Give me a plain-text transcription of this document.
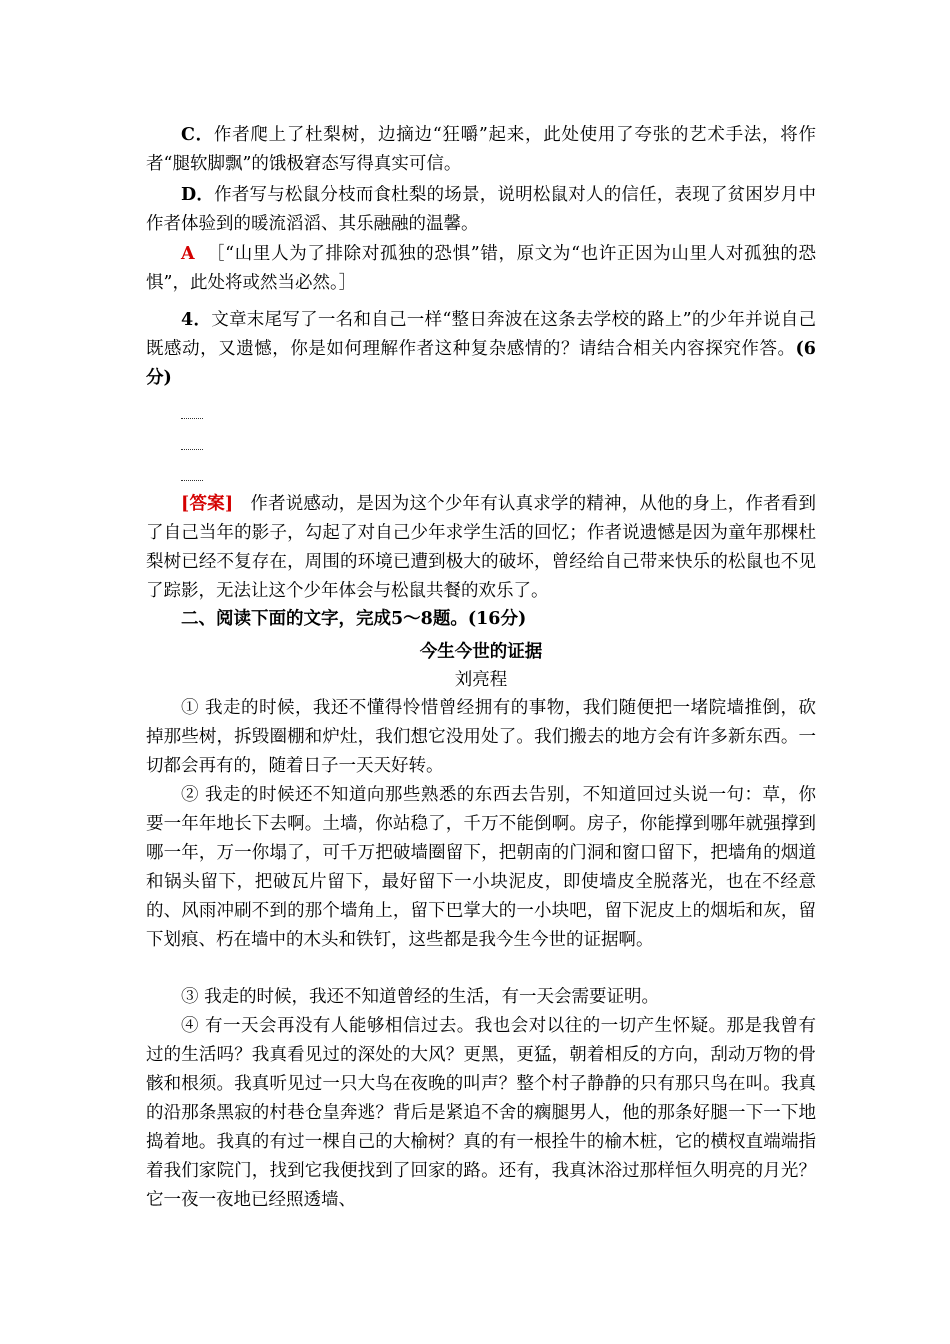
C．作者爬上了杜梨树，边摘边“狂嚼”起来，此处使用了夸张的艺术手法，将作者“腿软脚飘”的饿极窘态写得真实可信。

D．作者写与松鼠分枝而食杜梨的场景，说明松鼠对人的信任，表现了贫困岁月中作者体验到的暖流滔滔、其乐融融的温馨。

A ［“山里人为了排除对孤独的恐惧”错，原文为“也许正因为山里人对孤独的恐惧”，此处将或然当必然。］

4．文章末尾写了一名和自己一样“整日奔波在这条去学校的路上”的少年并说自己既感动，又遗憾，你是如何理解作者这种复杂感情的？请结合相关内容探究作答。(6分)

[答案] 作者说感动，是因为这个少年有认真求学的精神，从他的身上，作者看到了自己当年的影子，勾起了对自己少年求学生活的回忆；作者说遗憾是因为童年那棵杜梨树已经不复存在，周围的环境已遭到极大的破坏，曾经给自己带来快乐的松鼠也不见了踪影，无法让这个少年体会与松鼠共餐的欢乐了。

二、阅读下面的文字，完成5～8题。(16分)

今生今世的证据

刘亮程

① 我走的时候，我还不懂得怜惜曾经拥有的事物，我们随便把一堵院墙推倒，砍掉那些树，拆毁圈棚和炉灶，我们想它没用处了。我们搬去的地方会有许多新东西。一切都会再有的，随着日子一天天好转。

② 我走的时候还不知道向那些熟悉的东西去告别，不知道回过头说一句：草，你要一年年地长下去啊。土墙，你站稳了，千万不能倒啊。房子，你能撑到哪年就强撑到哪一年，万一你塌了，可千万把破墙圈留下，把朝南的门洞和窗口留下，把墙角的烟道和锅头留下，把破瓦片留下，最好留下一小块泥皮，即使墙皮全脱落光，也在不经意的、风雨冲刷不到的那个墙角上，留下巴掌大的一小块吧，留下泥皮上的烟垢和灰，留下划痕、朽在墙中的木头和铁钉，这些都是我今生今世的证据啊。

③ 我走的时候，我还不知道曾经的生活，有一天会需要证明。

④ 有一天会再没有人能够相信过去。我也会对以往的一切产生怀疑。那是我曾有过的生活吗？我真看见过的深处的大风？更黑，更猛，朝着相反的方向，刮动万物的骨骸和根须。我真听见过一只大鸟在夜晚的叫声？整个村子静静的只有那只鸟在叫。我真的沿那条黑寂的村巷仓皇奔逃？背后是紧追不舍的瘸腿男人，他的那条好腿一下一下地捣着地。我真的有过一棵自己的大榆树？真的有一根拴牛的榆木桩，它的横杈直端端指着我们家院门，找到它我便找到了回家的路。还有，我真沐浴过那样恒久明亮的月光？它一夜一夜地已经照透墙、
